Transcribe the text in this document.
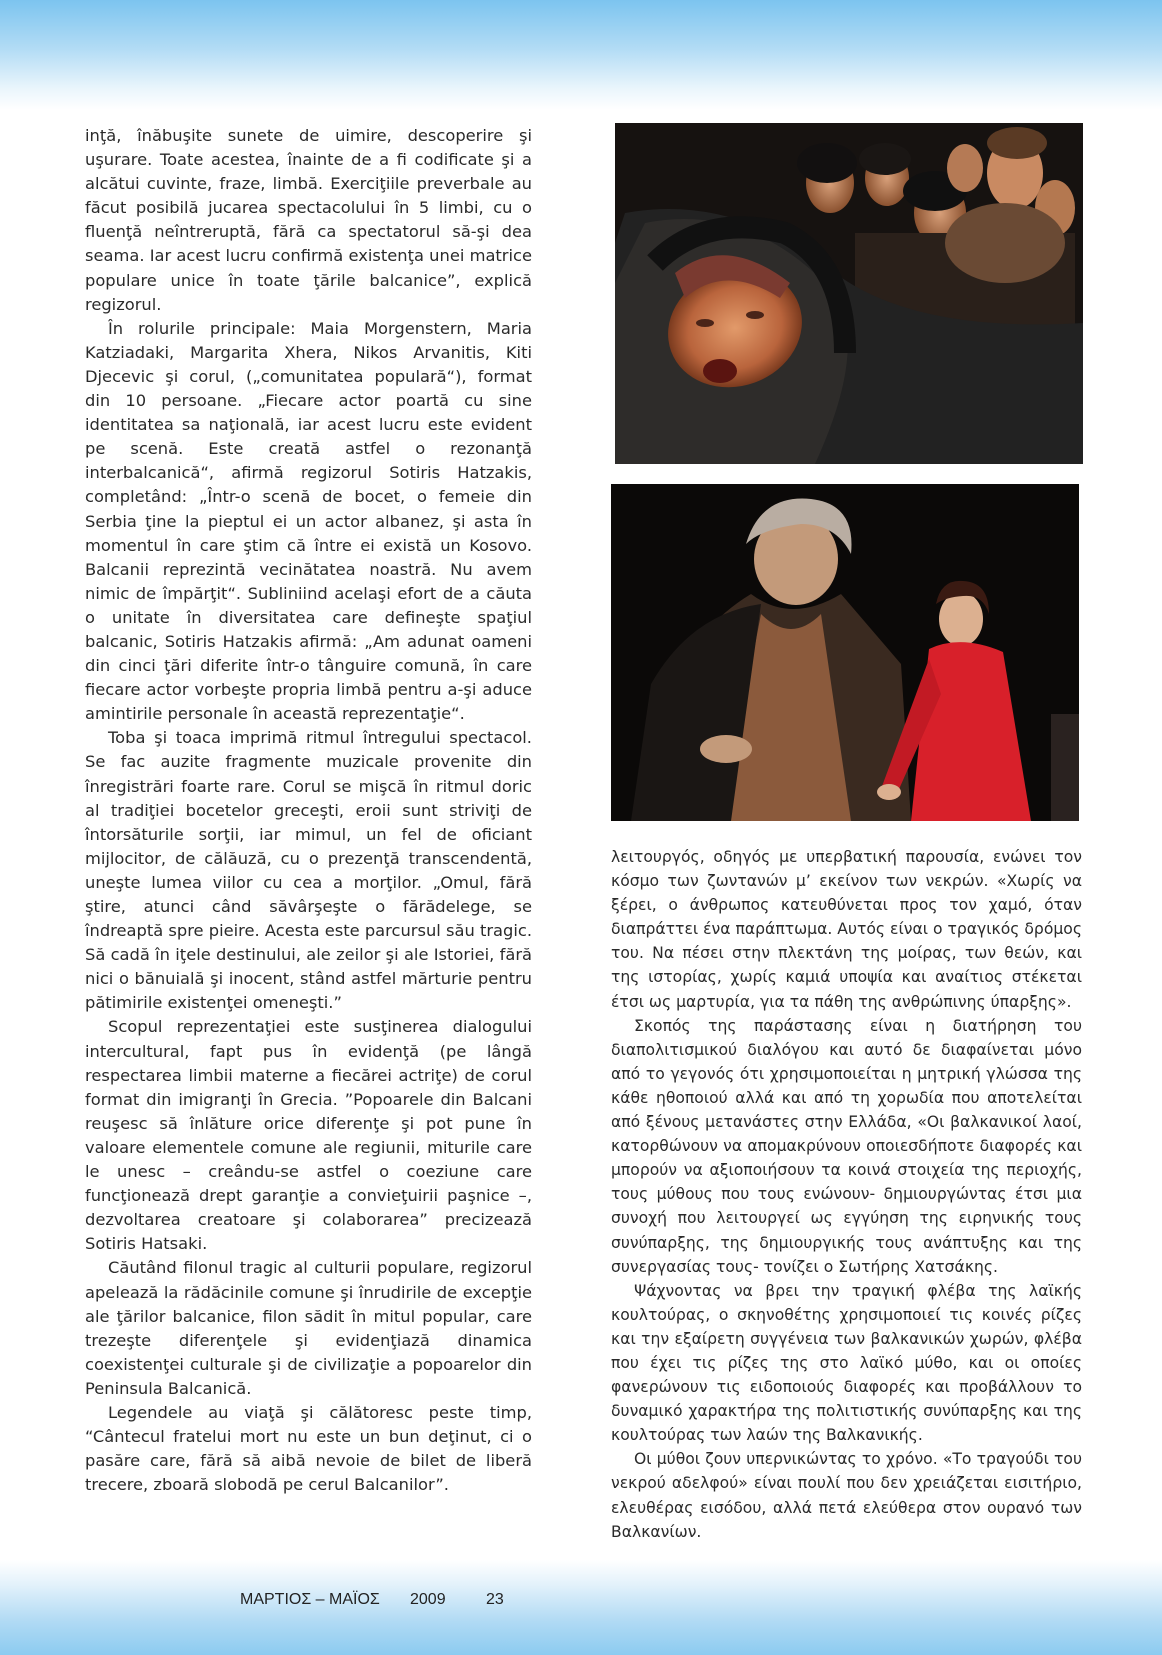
inţă, înăbuşite sunete de uimire, descoperire şi uşurare. Toate acestea, înainte de a fi codificate şi a alcătui cuvinte, fraze, limbă. Exerciţiile preverbale au făcut posibilă jucarea spectacolului în 5 limbi, cu o fluenţă neîntreruptă, fără ca spectatorul să-şi dea seama. Iar acest lucru confirmă existenţa unei matrice populare unice în toate ţările balcanice”, explică regizorul.

În rolurile principale: Maia Morgenstern, Maria Katziadaki, Margarita Xhera, Nikos Arvanitis, Kiti Djecevic şi corul, („comunitatea populară“), format din 10 persoane. „Fiecare actor poartă cu sine identitatea sa naţională, iar acest lucru este evident pe scenă. Este creată astfel o rezonanţă interbalcanică“, afirmă regizorul Sotiris Hatzakis, completând: „Într-o scenă de bocet, o femeie din Serbia ţine la pieptul ei un actor albanez, şi asta în momentul în care ştim că între ei există un Kosovo. Balcanii reprezintă vecinătatea noastră. Nu avem nimic de împărţit“. Subliniind acelaşi efort de a căuta o unitate în diversitatea care defineşte spaţiul balcanic, Sotiris Hatzakis afirmă: „Am adunat oameni din cinci ţări diferite într-o tânguire comună, în care fiecare actor vorbeşte propria limbă pentru a-şi aduce amintirile personale în această reprezentaţie“.

Toba şi toaca imprimă ritmul întregului spectacol. Se fac auzite fragmente muzicale provenite din înregistrări foarte rare. Corul se mişcă în ritmul doric al tradiţiei bocetelor greceşti, eroii sunt striviţi de întorsăturile sorţii, iar mimul, un fel de oficiant mijlocitor, de călăuză, cu o prezenţă transcendentă, uneşte lumea viilor cu cea a morţilor. „Omul, fără ştire, atunci când săvârşeşte o fărădelege, se îndreaptă spre pieire. Acesta este parcursul său tragic. Să cadă în iţele destinului, ale zeilor şi ale Istoriei, fără nici o bănuială şi inocent, stând astfel mărturie pentru pătimirile existenţei omeneşti.”

Scopul reprezentaţiei este susţinerea dialogului intercultural, fapt pus în evidenţă (pe lângă respectarea limbii materne a fiecărei actriţe) de corul format din imigranţi în Grecia. ”Popoarele din Balcani reuşesc să înlăture orice diferenţe şi pot pune în valoare elementele comune ale regiunii, miturile care le unesc – creându-se astfel o coeziune care funcţionează drept garanţie a convieţuirii paşnice –, dezvoltarea creatoare şi colaborarea” precizează Sotiris Hatsaki.

Căutând filonul tragic al culturii populare, regizorul apelează la rădăcinile comune şi înrudirile de excepţie ale ţărilor balcanice, filon sădit în mitul popular, care trezeşte diferenţele şi evidenţiază dinamica coexistenţei culturale şi de civilizaţie a popoarelor din Peninsula Balcanică.

Legendele au viaţă şi călătoresc peste timp, “Cântecul fratelui mort nu este un bun deţinut, ci o pasăre care, fără să aibă nevoie de bilet de liberă trecere, zboară slobodă pe cerul Balcanilor”.

λειτουργός, οδηγός με υπερβατική παρουσία, ενώνει τον κόσμο των ζωντανών μ’ εκείνον των νεκρών. «Χωρίς να ξέρει, ο άνθρωπος κατευθύνεται προς τον χαμό, όταν διαπράττει ένα παράπτωμα. Αυτός είναι ο τραγικός δρόμος του. Να πέσει στην πλεκτάνη της μοίρας, των θεών, και της ιστορίας, χωρίς καμιά υποψία και αναίτιος στέκεται έτσι ως μαρτυρία, για τα πάθη της ανθρώπινης ύπαρξης».

Σκοπός της παράστασης είναι η διατήρηση του διαπολιτισμικού διαλόγου και αυτό δε διαφαίνεται μόνο από το γεγονός ότι χρησιμοποιείται η μητρική γλώσσα της κάθε ηθοποιού αλλά και από τη χορωδία που αποτελείται από ξένους μετανάστες στην Ελλάδα, «Οι βαλκανικοί λαοί, κατορθώνουν να απομακρύνουν οποιεσδήποτε διαφορές και μπορούν να αξιοποιήσουν τα κοινά στοιχεία της περιοχής, τους μύθους που τους ενώνουν- δημιουργώντας έτσι μια συνοχή που λειτουργεί ως εγγύηση της ειρηνικής τους συνύπαρξης, της δημιουργικής τους ανάπτυξης και της συνεργασίας τους- τονίζει ο Σωτήρης Χατσάκης.

Ψάχνοντας να βρει την τραγική φλέβα της λαϊκής κουλτούρας, ο σκηνοθέτης χρησιμοποιεί τις κοινές ρίζες και την εξαίρετη συγγένεια των βαλκανικών χωρών, φλέβα που έχει τις ρίζες της στο λαϊκό μύθο, και οι οποίες φανερώνουν τις ειδοποιούς διαφορές και προβάλλουν το δυναμικό χαρακτήρα της πολιτιστικής συνύπαρξης και της κουλτούρας των λαών της Βαλκανικής.

Οι μύθοι ζουν υπερνικώντας το χρόνο. «Το τραγούδι του νεκρού αδελφού» είναι πουλί που δεν χρειάζεται εισιτήριο, ελευθέρας εισόδου, αλλά πετά ελεύθερα στον ουρανό των Βαλκανίων.

ΜΑΡΤΙΟΣ – ΜΑΪΟΣ 2009	23
